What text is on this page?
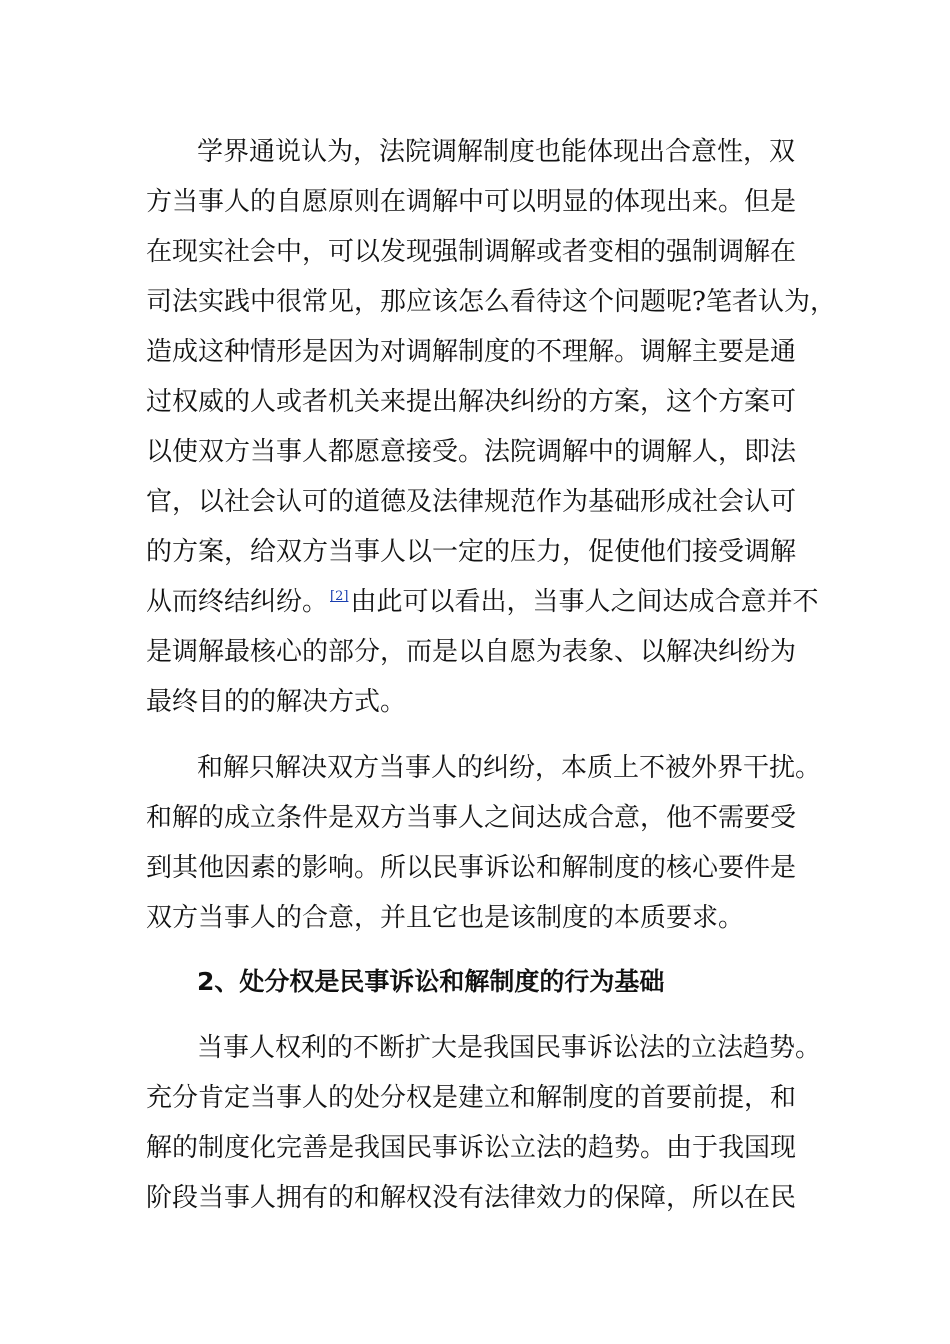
学界通说认为，法院调解制度也能体现出合意性，双
方当事人的自愿原则在调解中可以明显的体现出来。但是
在现实社会中，可以发现强制调解或者变相的强制调解在
司法实践中很常见，那应该怎么看待这个问题呢?笔者认为，
造成这种情形是因为对调解制度的不理解。调解主要是通
过权威的人或者机关来提出解决纠纷的方案，这个方案可
以使双方当事人都愿意接受。法院调解中的调解人，即法
官，以社会认可的道德及法律规范作为基础形成社会认可
的方案，给双方当事人以一定的压力，促使他们接受调解
从而终结纠纷。 [2]由此可以看出，当事人之间达成合意并不
是调解最核心的部分，而是以自愿为表象、以解决纠纷为
最终目的的解决方式。
和解只解决双方当事人的纠纷，本质上不被外界干扰。
和解的成立条件是双方当事人之间达成合意，他不需要受
到其他因素的影响。所以民事诉讼和解制度的核心要件是
双方当事人的合意，并且它也是该制度的本质要求。
2、处分权是民事诉讼和解制度的行为基础
当事人权利的不断扩大是我国民事诉讼法的立法趋势。
充分肯定当事人的处分权是建立和解制度的首要前提，和
解的制度化完善是我国民事诉讼立法的趋势。由于我国现
阶段当事人拥有的和解权没有法律效力的保障，所以在民
